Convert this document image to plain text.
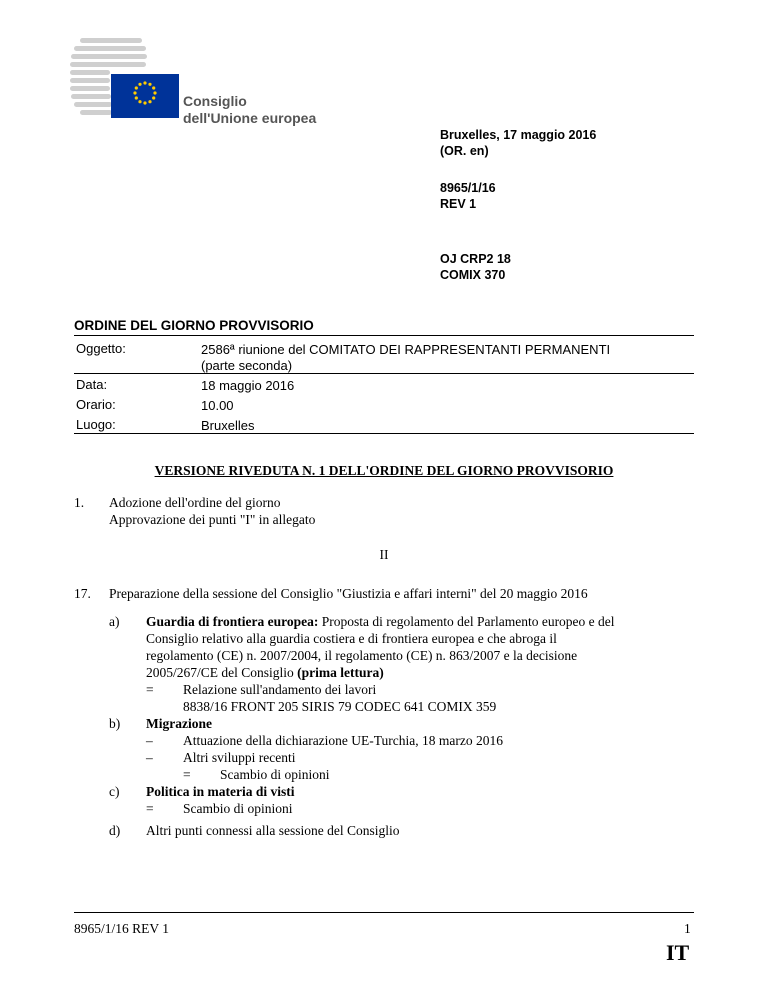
Consiglio
dell'Unione europea
Bruxelles, 17 maggio 2016
(OR. en)
8965/1/16
REV 1
OJ CRP2 18
COMIX 370
ORDINE DEL GIORNO PROVVISORIO
Oggetto:	2586ª riunione del COMITATO DEI RAPPRESENTANTI PERMANENTI
(parte seconda)
Data:	18 maggio 2016
Orario:	10.00
Luogo:	Bruxelles
VERSIONE RIVEDUTA N. 1 DELL'ORDINE DEL GIORNO PROVVISORIO
1. Adozione dell'ordine del giorno
Approvazione dei punti "I" in allegato
II
17. Preparazione della sessione del Consiglio "Giustizia e affari interni" del 20 maggio 2016
a) Guardia di frontiera europea: Proposta di regolamento del Parlamento europeo e del
Consiglio relativo alla guardia costiera e di frontiera europea e che abroga il
regolamento (CE) n. 2007/2004, il regolamento (CE) n. 863/2007 e la decisione
2005/267/CE del Consiglio (prima lettura)
= Relazione sull'andamento dei lavori
8838/16 FRONT 205 SIRIS 79 CODEC 641 COMIX 359
b) Migrazione
– Attuazione della dichiarazione UE-Turchia, 18 marzo 2016
– Altri sviluppi recenti
= Scambio di opinioni
c) Politica in materia di visti
= Scambio di opinioni
d) Altri punti connessi alla sessione del Consiglio
8965/1/16 REV 1	1
IT
